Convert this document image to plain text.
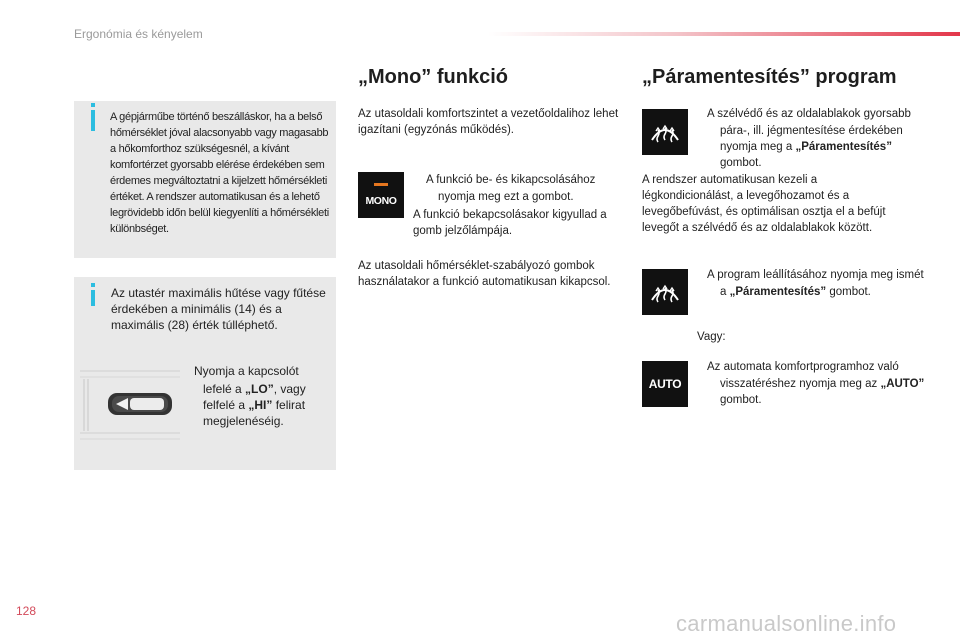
Ergonómia és kényelem
A gépjárműbe történő beszálláskor, ha a belső hőmérséklet jóval alacsonyabb vagy magasabb a hőkomforthoz szükségesnél, a kívánt komfortérzet gyorsabb elérése érdekében sem érdemes megváltoztatni a kijelzett hőmérsékleti értéket. A rendszer automatikusan és a lehető legrövidebb időn belül kiegyenlíti a hőmérsékleti különbséget.
Az utastér maximális hűtése vagy fűtése érdekében a minimális (14) és a maximális (28) érték túlléphető.
Nyomja a kapcsolót
lefelé a „LO”, vagy
felfelé a „HI” felirat
megjelenéséig.
„Mono” funkció
Az utasoldali komfortszintet a vezetőoldalihoz lehet igazítani (egyzónás működés).
MONO
A funkció be- és kikapcsolásához nyomja meg ezt a gombot.
A funkció bekapcsolásakor kigyullad a gomb jelzőlámpája.
Az utasoldali hőmérséklet-szabályozó gombok használatakor a funkció automatikusan kikapcsol.
„Páramentesítés” program
A szélvédő és az oldalablakok gyorsabb pára-, ill. jégmentesítése érdekében nyomja meg a „Páramentesítés” gombot.
A rendszer automatikusan kezeli a légkondicionálást, a levegőhozamot és a levegőbefúvást, és optimálisan osztja el a befújt levegőt a szélvédő és az oldalablakok között.
A program leállításához nyomja meg ismét a „Páramentesítés” gombot.
Vagy:
AUTO
Az automata komfortprogramhoz való visszatéréshez nyomja meg az „AUTO” gombot.
128	carmanualsonline.info
